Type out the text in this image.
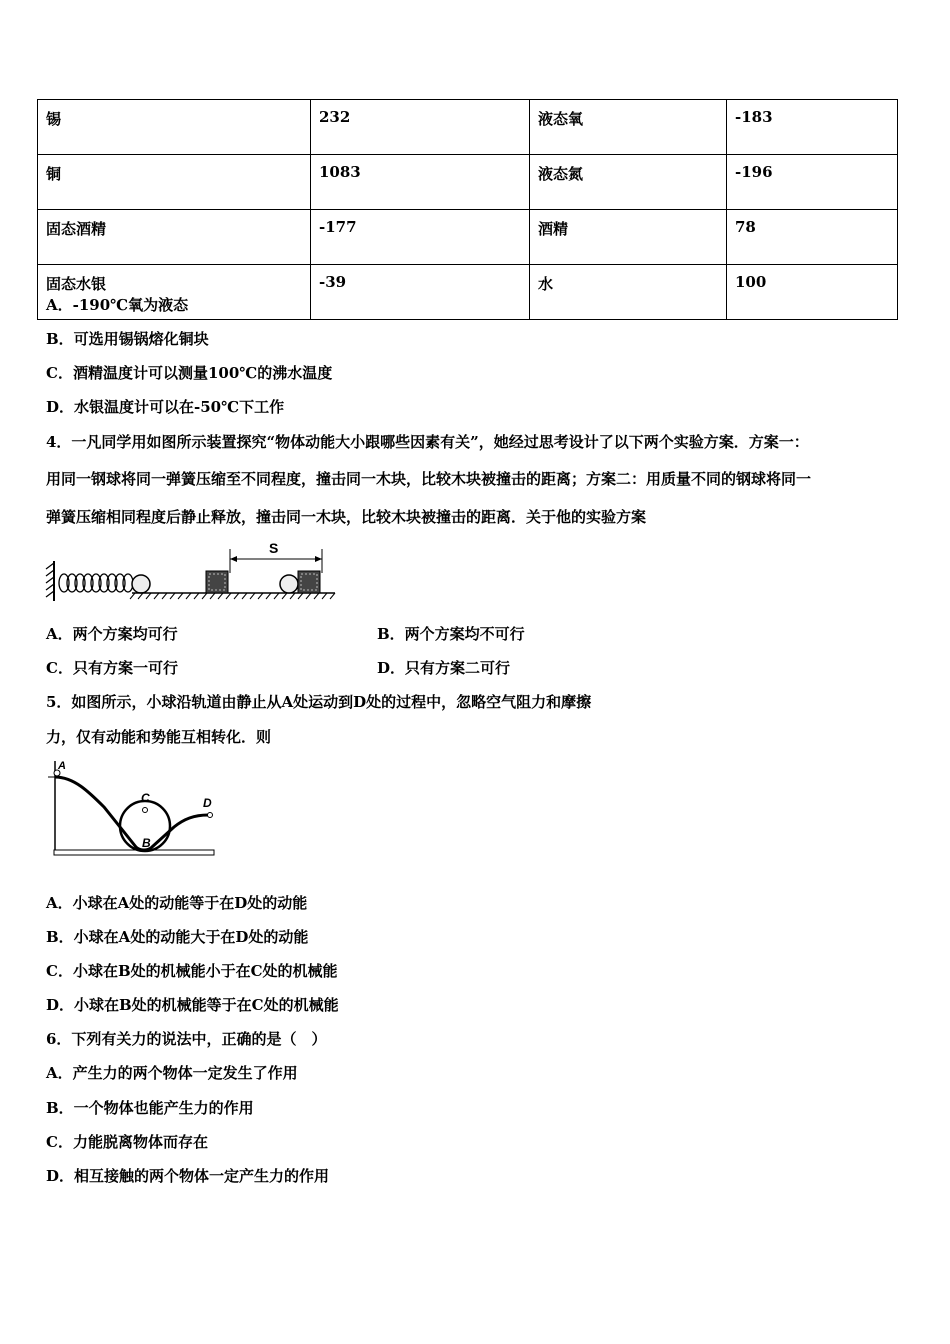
锡	232	液态氧	-183
铜	1083	液态氮	-196
固态酒精	-177	酒精	78
固态水银	-39	水	100
A．-190℃氧为液态
B．可选用锡锅熔化铜块
C．酒精温度计可以测量100℃的沸水温度
D．水银温度计可以在-50℃下工作
4．一凡同学用如图所示装置探究“物体动能大小跟哪些因素有关”，她经过思考设计了以下两个实验方案．方案一：
用同一钢球将同一弹簧压缩至不同程度，撞击同一木块，比较木块被撞击的距离；方案二：用质量不同的钢球将同一
弹簧压缩相同程度后静止释放，撞击同一木块，比较木块被撞击的距离．关于他的实验方案
S
A．两个方案均可行	B．两个方案均不可行
C．只有方案一可行	D．只有方案二可行
5．如图所示，小球沿轨道由静止从A处运动到D处的过程中，忽略空气阻力和摩擦
力，仅有动能和势能互相转化．则
A
C
B
D
A．小球在A处的动能等于在D处的动能
B．小球在A处的动能大于在D处的动能
C．小球在B处的机械能小于在C处的机械能
D．小球在B处的机械能等于在C处的机械能
6．下列有关力的说法中，正确的是（　）
A．产生力的两个物体一定发生了作用
B．一个物体也能产生力的作用
C．力能脱离物体而存在
D．相互接触的两个物体一定产生力的作用
